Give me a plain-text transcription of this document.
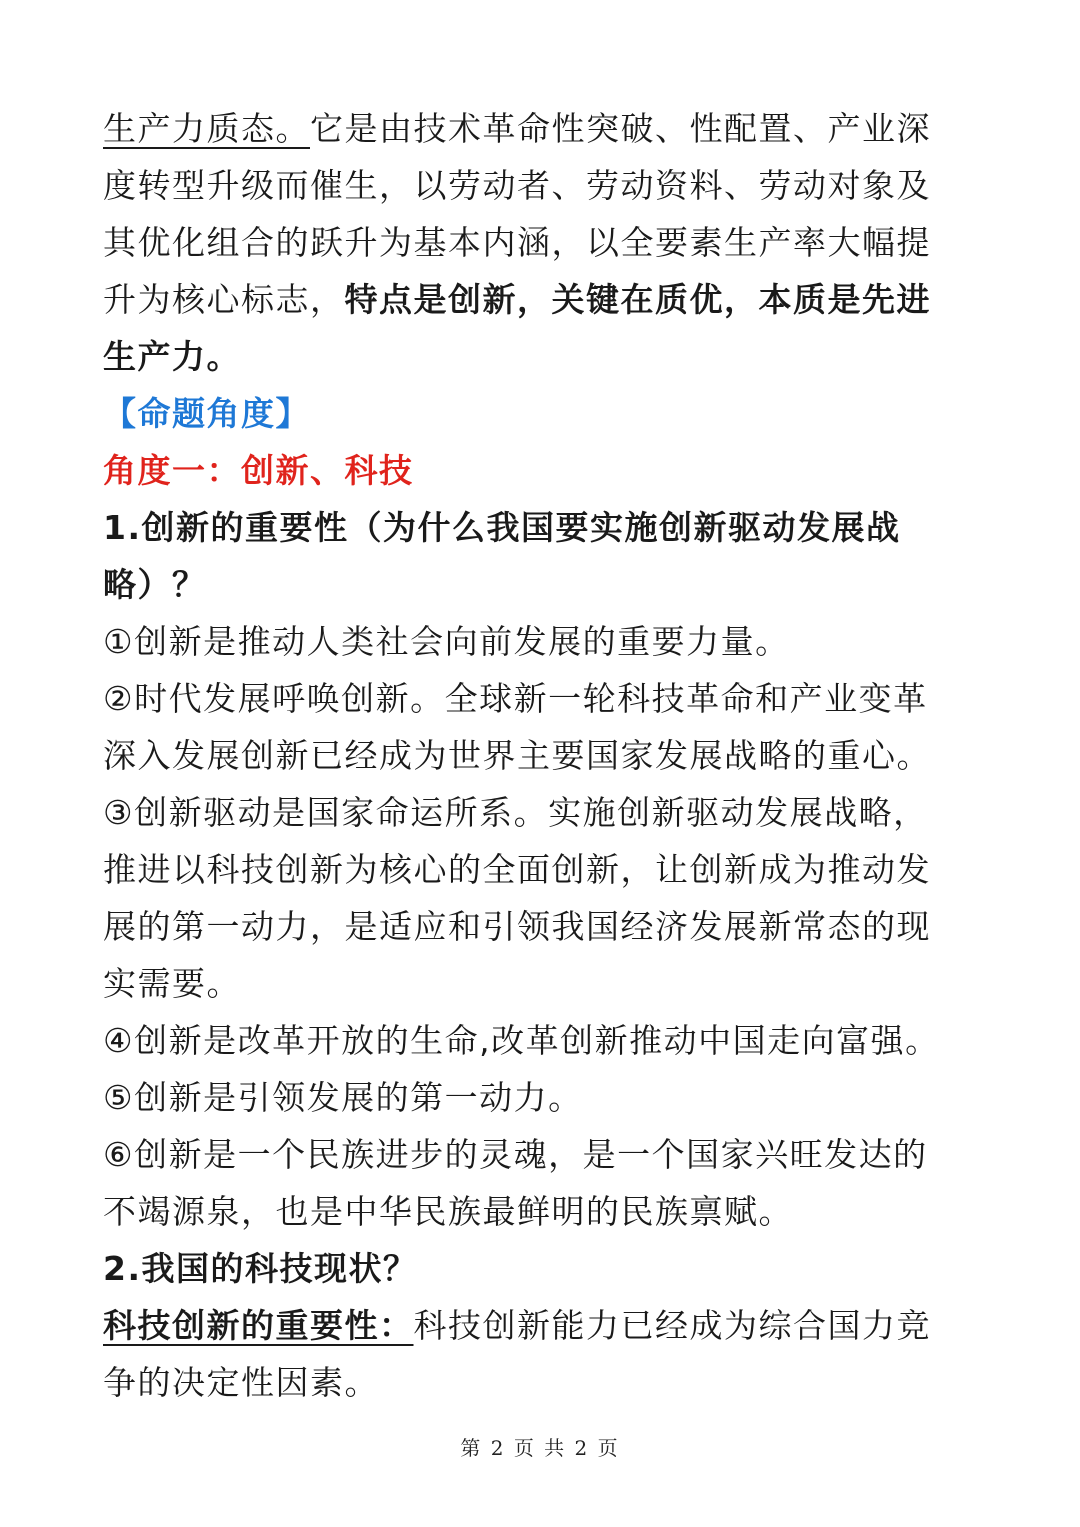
生产力质态。它是由技术革命性突破、性配置、产业深
度转型升级而催生，以劳动者、劳动资料、劳动对象及
其优化组合的跃升为基本内涵，以全要素生产率大幅提
升为核心标志，特点是创新，关键在质优，本质是先进
生产力。
【命题角度】
角度一：创新、科技
1.创新的重要性（为什么我国要实施创新驱动发展战
略）？
①创新是推动人类社会向前发展的重要力量。
②时代发展呼唤创新。全球新一轮科技革命和产业变革
深入发展创新已经成为世界主要国家发展战略的重心。
③创新驱动是国家命运所系。实施创新驱动发展战略，
推进以科技创新为核心的全面创新，让创新成为推动发
展的第一动力，是适应和引领我国经济发展新常态的现
实需要。
④创新是改革开放的生命,改革创新推动中国走向富强。
⑤创新是引领发展的第一动力。
⑥创新是一个民族进步的灵魂，是一个国家兴旺发达的
不竭源泉，也是中华民族最鲜明的民族禀赋。
2.我国的科技现状？
科技创新的重要性：科技创新能力已经成为综合国力竞
争的决定性因素。
第 2 页 共 2 页
